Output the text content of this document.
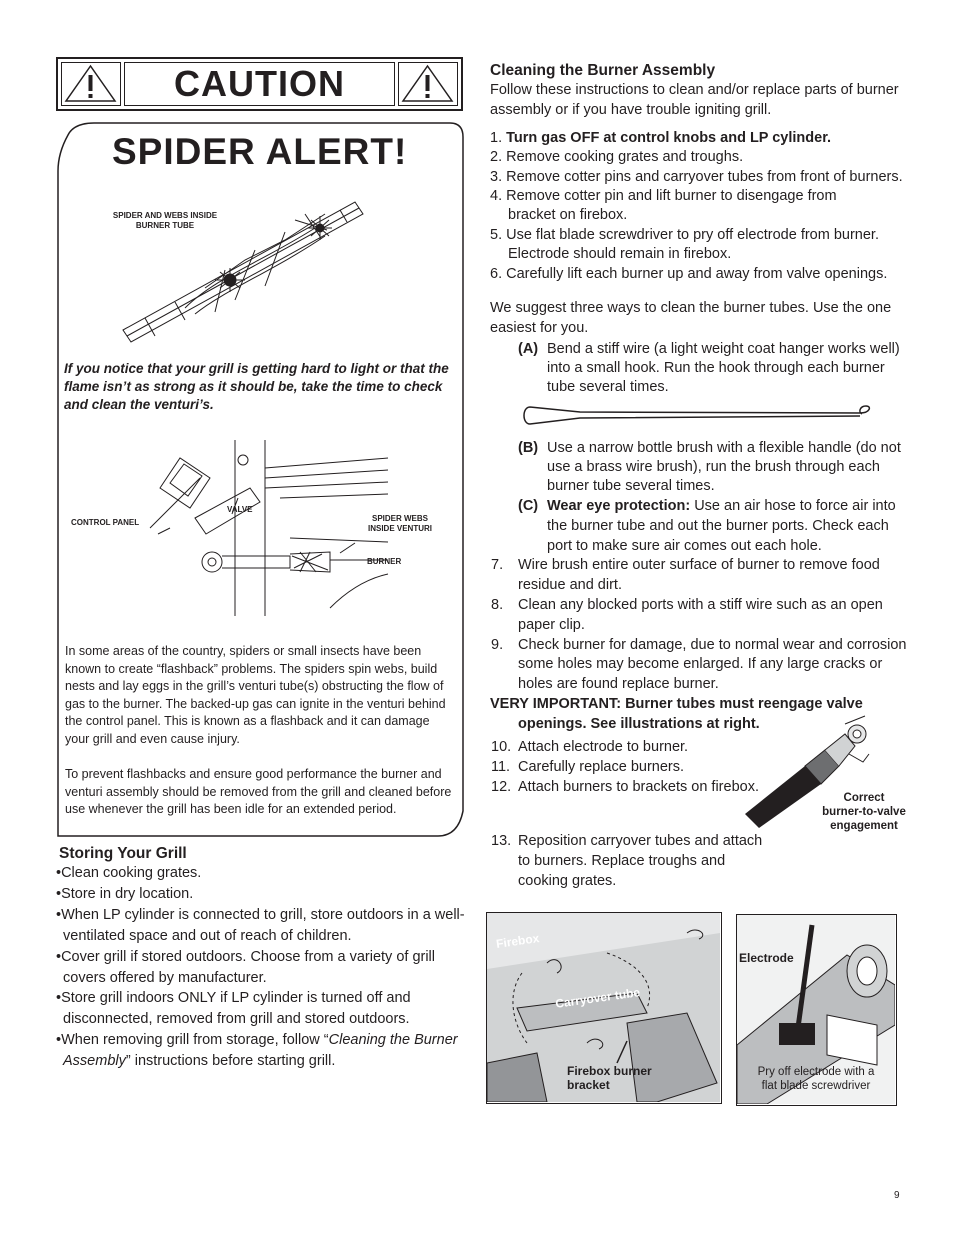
CAUTION
SPIDER ALERT!
SPIDER AND WEBS INSIDE BURNER TUBE
If you notice that your grill is getting hard to light or that the flame isn’t as strong as it should be, take the time to check and clean the venturi’s.
CONTROL PANEL
VALVE
SPIDER WEBS INSIDE VENTURI
BURNER
In some areas of the country, spiders or small insects have been known to create “flashback” problems. The spiders spin webs, build nests and lay eggs in the grill’s venturi tube(s) obstructing the flow of gas to the burner. The backed-up gas can ignite in the venturi behind the control panel. This is known as a flashback and it can damage your grill and even cause injury.
To prevent flashbacks and ensure good performance the burner and venturi assembly should be removed from the grill and cleaned before use whenever the grill has been idle for an extended period.
Storing Your Grill
•Clean cooking grates.
•Store in dry location.
•When LP cylinder is connected to grill, store outdoors in a well-
ventilated space and out of reach of children.
•Cover grill if stored outdoors. Choose from a variety of grill
covers offered by manufacturer.
•Store grill indoors ONLY if LP cylinder is turned off and
disconnected, removed from grill and stored outdoors.
•When removing grill from storage, follow “Cleaning the Burner
Assembly” instructions before starting grill.
Cleaning the Burner Assembly
Follow these instructions to clean and/or replace parts of burner
assembly or if you have trouble igniting grill.
1. Turn gas OFF at control knobs and LP cylinder.
2. Remove cooking grates and troughs.
3. Remove cotter pins and carryover tubes from front of burners.
4. Remove cotter pin and lift burner to disengage from
bracket on firebox.
5. Use flat blade screwdriver to pry off electrode from burner.
Electrode should remain in firebox.
6. Carefully lift each burner up and away from valve openings.
We suggest three ways to clean the burner tubes. Use the one
easiest for you.
(A) Bend a stiff wire (a light weight coat hanger works well)
into a small hook. Run the hook through each burner
tube several times.
(B) Use a narrow bottle brush with a flexible handle (do not
use a brass wire brush), run the brush through each
burner tube several times.
(C) Wear eye protection: Use an air hose to force air into
the burner tube and out the burner ports. Check each
port to make sure air comes out each hole.
7. Wire brush entire outer surface of burner to remove food
residue and dirt.
8. Clean any blocked ports with a stiff wire such as an open
paper clip.
9. Check burner for damage, due to normal wear and corrosion
some holes may become enlarged. If any large cracks or
holes are found replace burner.
VERY IMPORTANT: Burner tubes must reengage valve
openings. See illustrations at right.
10. Attach electrode to burner.
11. Carefully replace burners.
12. Attach burners to brackets on firebox.
Correct
burner-to-valve
engagement
13. Reposition carryover tubes and attach
to burners. Replace troughs and
cooking grates.
Firebox
Carryover tube
Firebox burner
bracket
Electrode
Pry off electrode with a
flat blade screwdriver
9
